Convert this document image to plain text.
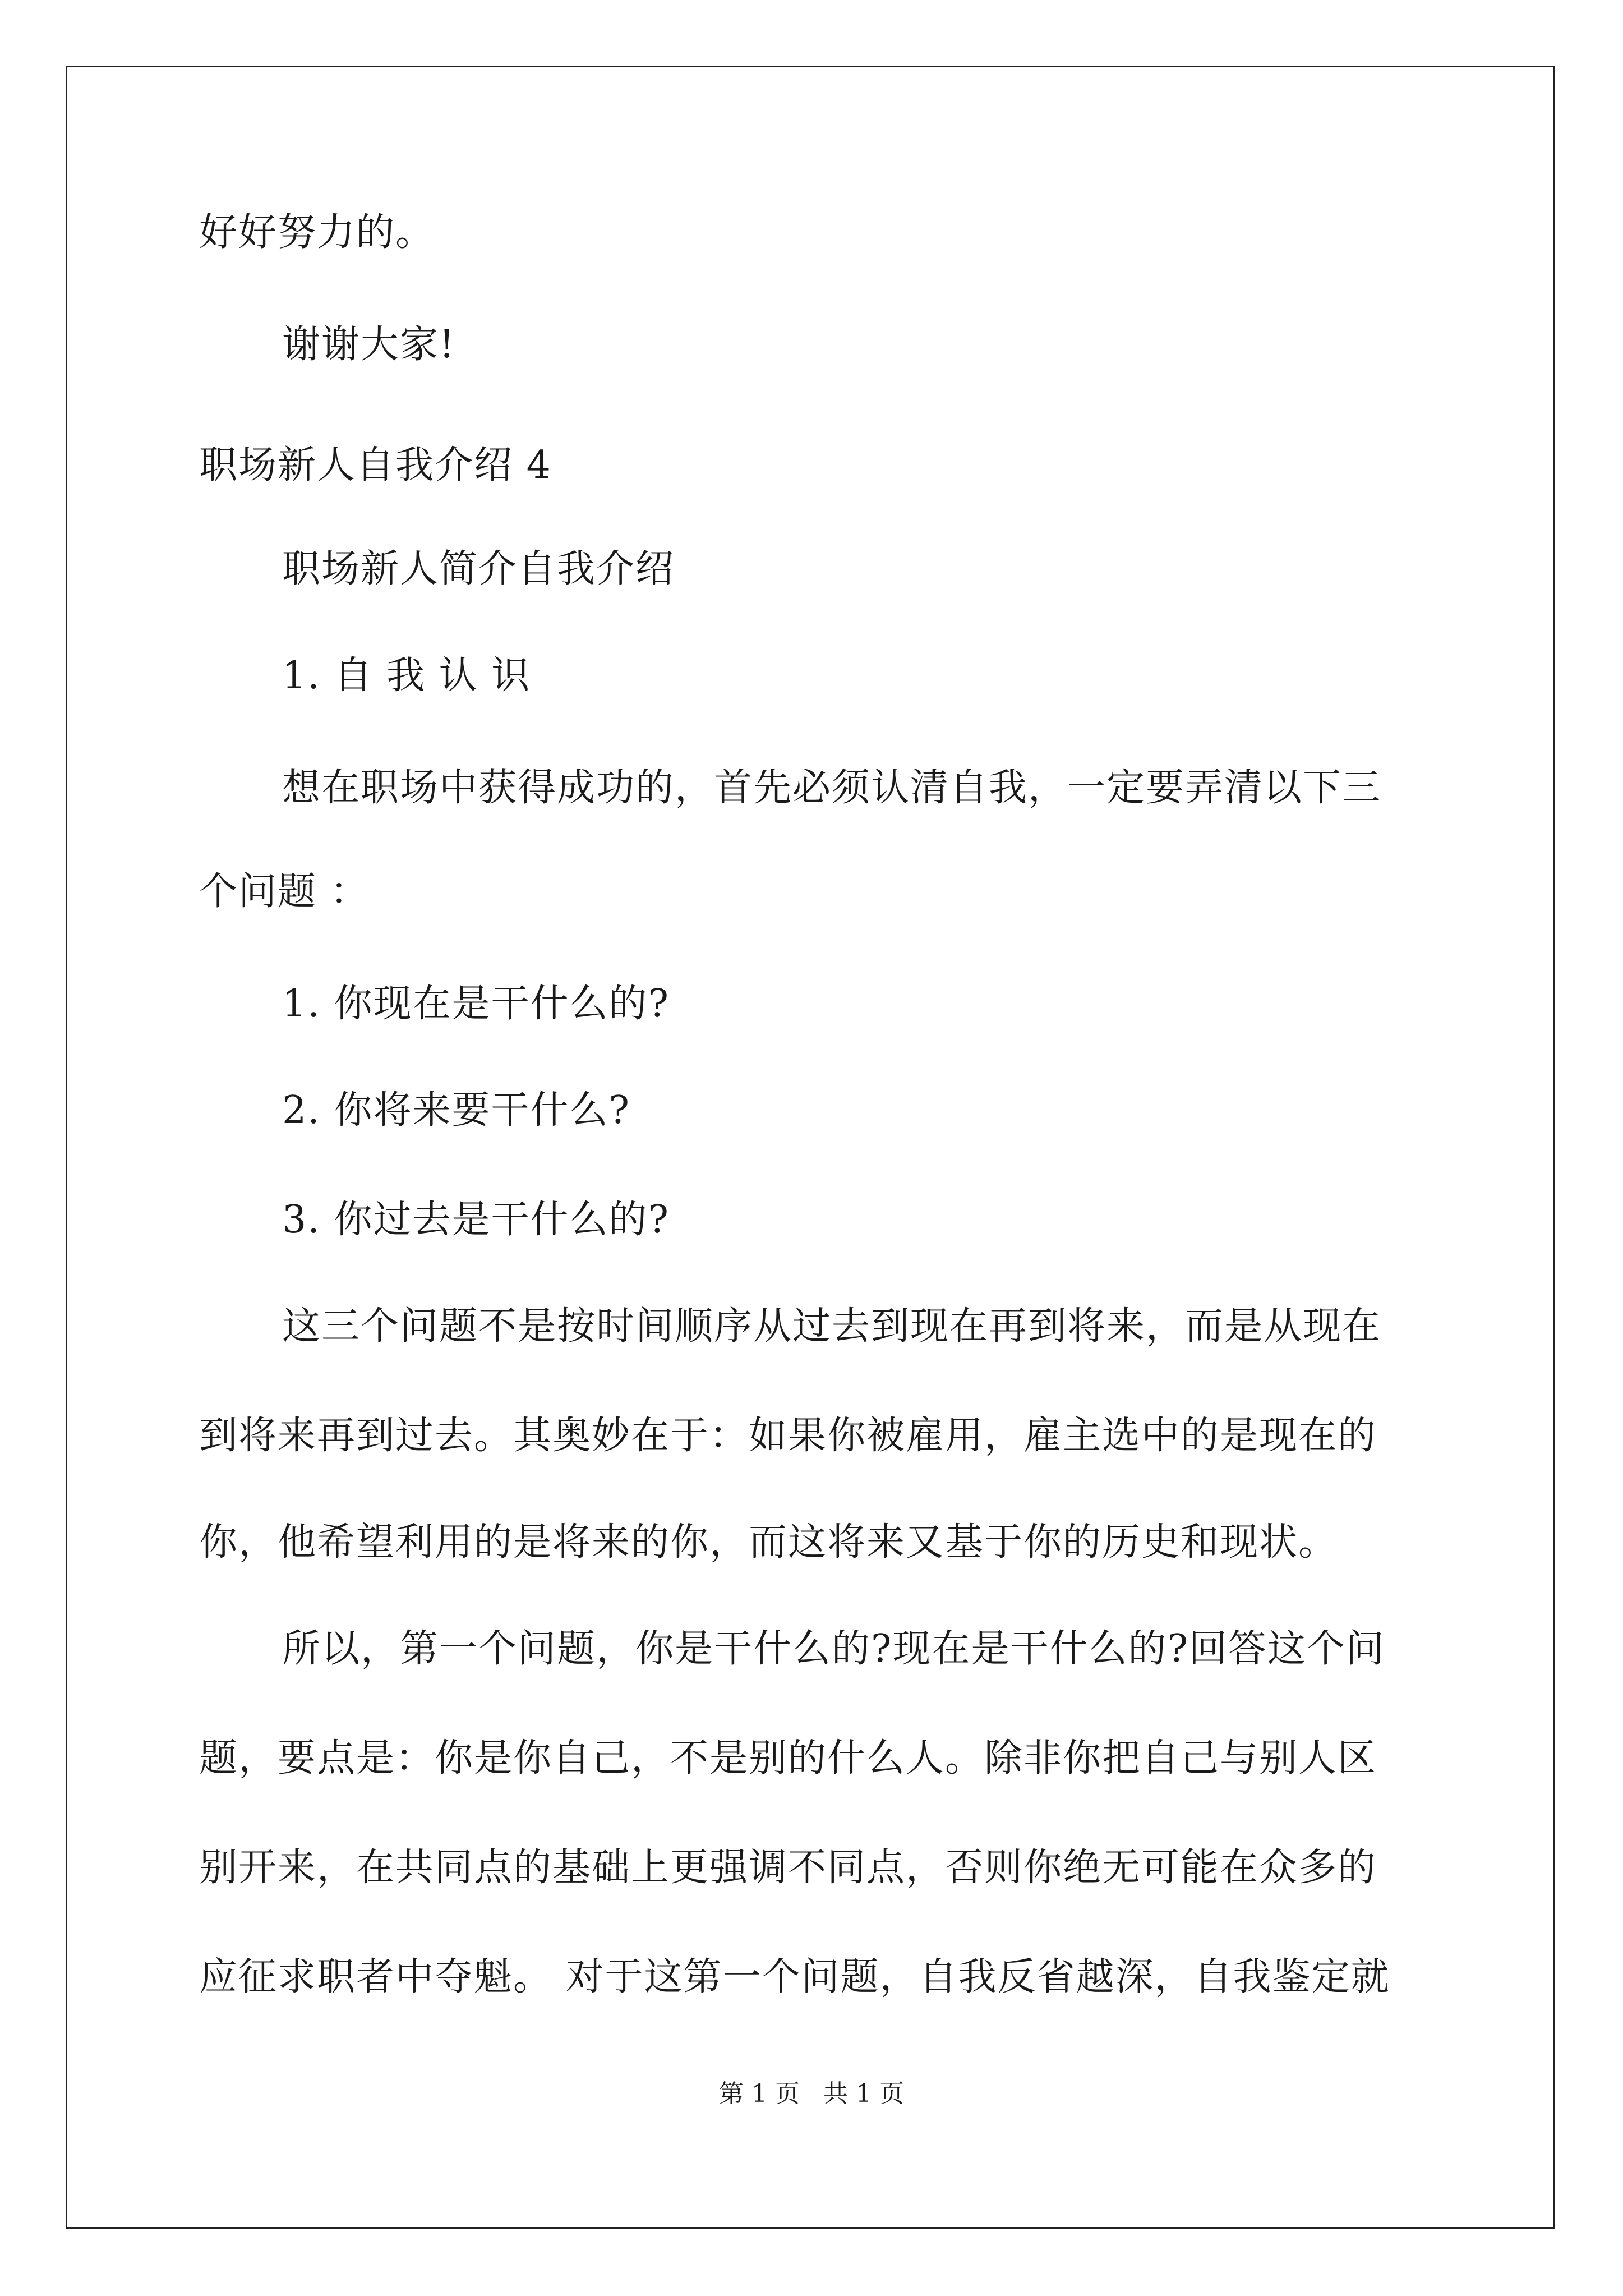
好好努力的。
谢谢大家!
职场新人自我介绍 4
职场新人简介自我介绍
1. 自 我 认 识
想在职场中获得成功的，首先必须认清自我，一定要弄清以下三
个问题 ：
1. 你现在是干什么的?
2. 你将来要干什么?
3. 你过去是干什么的?
这三个问题不是按时间顺序从过去到现在再到将来，而是从现在
到将来再到过去。其奥妙在于：如果你被雇用，雇主选中的是现在的
你，他希望利用的是将来的你，而这将来又基于你的历史和现状。
所以，第一个问题，你是干什么的?现在是干什么的?回答这个问
题，要点是：你是你自己，不是别的什么人。除非你把自己与别人区
别开来，在共同点的基础上更强调不同点，否则你绝无可能在众多的
应征求职者中夺魁。 对于这第一个问题，自我反省越深，自我鉴定就
第 1 页   共 1 页
